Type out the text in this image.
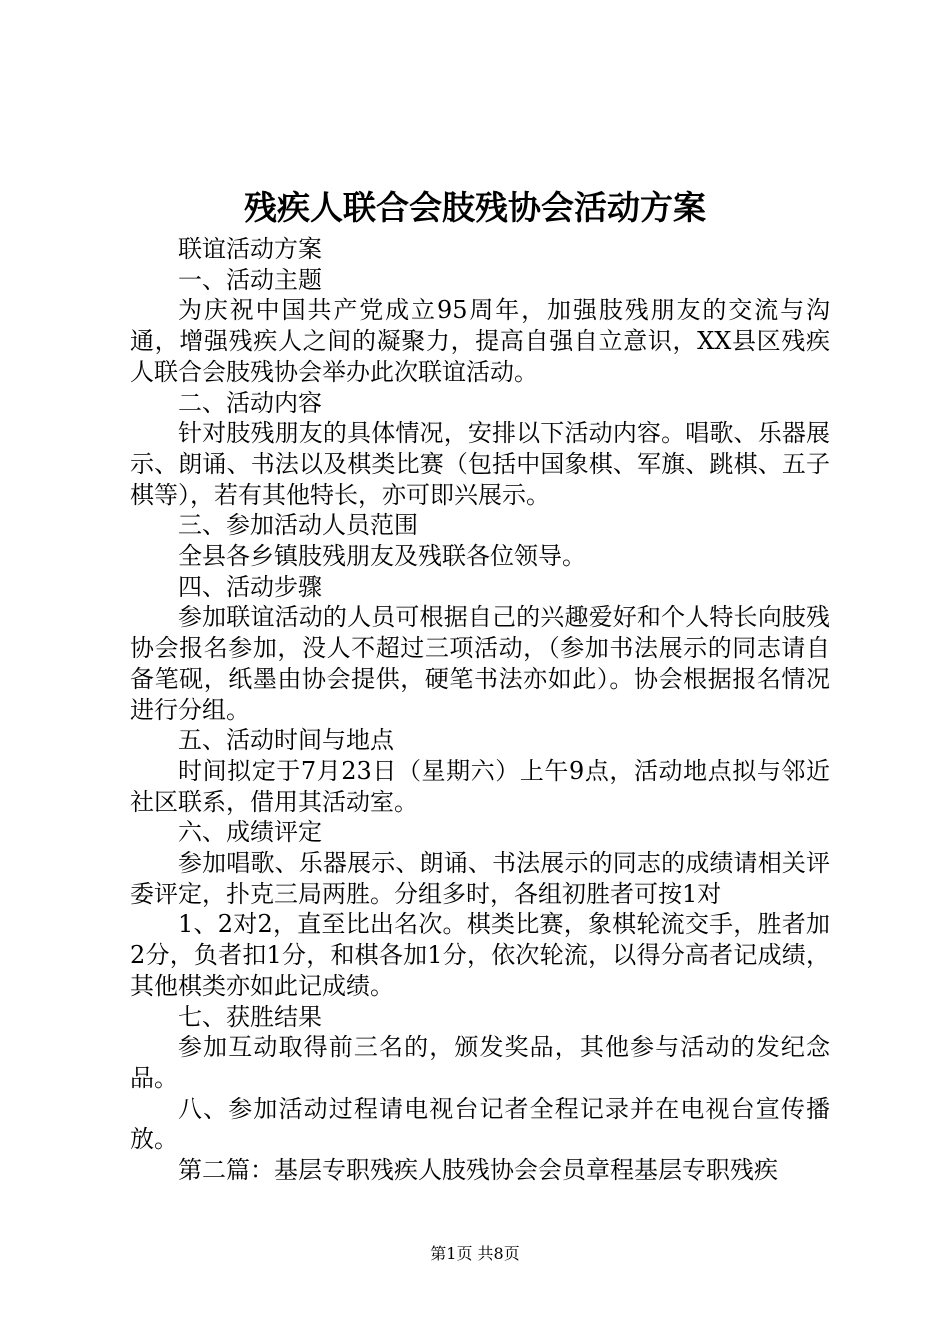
残疾人联合会肢残协会活动方案

联谊活动方案

一、活动主题

为庆祝中国共产党成立95周年，加强肢残朋友的交流与沟通，增强残疾人之间的凝聚力，提高自强自立意识，XX县区残疾人联合会肢残协会举办此次联谊活动。

二、活动内容

针对肢残朋友的具体情况，安排以下活动内容。唱歌、乐器展示、朗诵、书法以及棋类比赛（包括中国象棋、军旗、跳棋、五子棋等），若有其他特长，亦可即兴展示。

三、参加活动人员范围

全县各乡镇肢残朋友及残联各位领导。

四、活动步骤

参加联谊活动的人员可根据自己的兴趣爱好和个人特长向肢残协会报名参加，没人不超过三项活动，（参加书法展示的同志请自备笔砚，纸墨由协会提供，硬笔书法亦如此）。协会根据报名情况进行分组。

五、活动时间与地点

时间拟定于7月23日（星期六）上午9点，活动地点拟与邻近社区联系，借用其活动室。

六、成绩评定

参加唱歌、乐器展示、朗诵、书法展示的同志的成绩请相关评委评定，扑克三局两胜。分组多时，各组初胜者可按1对

1、2对2，直至比出名次。棋类比赛，象棋轮流交手，胜者加2分，负者扣1分，和棋各加1分，依次轮流，以得分高者记成绩，其他棋类亦如此记成绩。

七、获胜结果

参加互动取得前三名的，颁发奖品，其他参与活动的发纪念品。

八、参加活动过程请电视台记者全程记录并在电视台宣传播放。

第二篇：基层专职残疾人肢残协会会员章程基层专职残疾

第1页 共8页
